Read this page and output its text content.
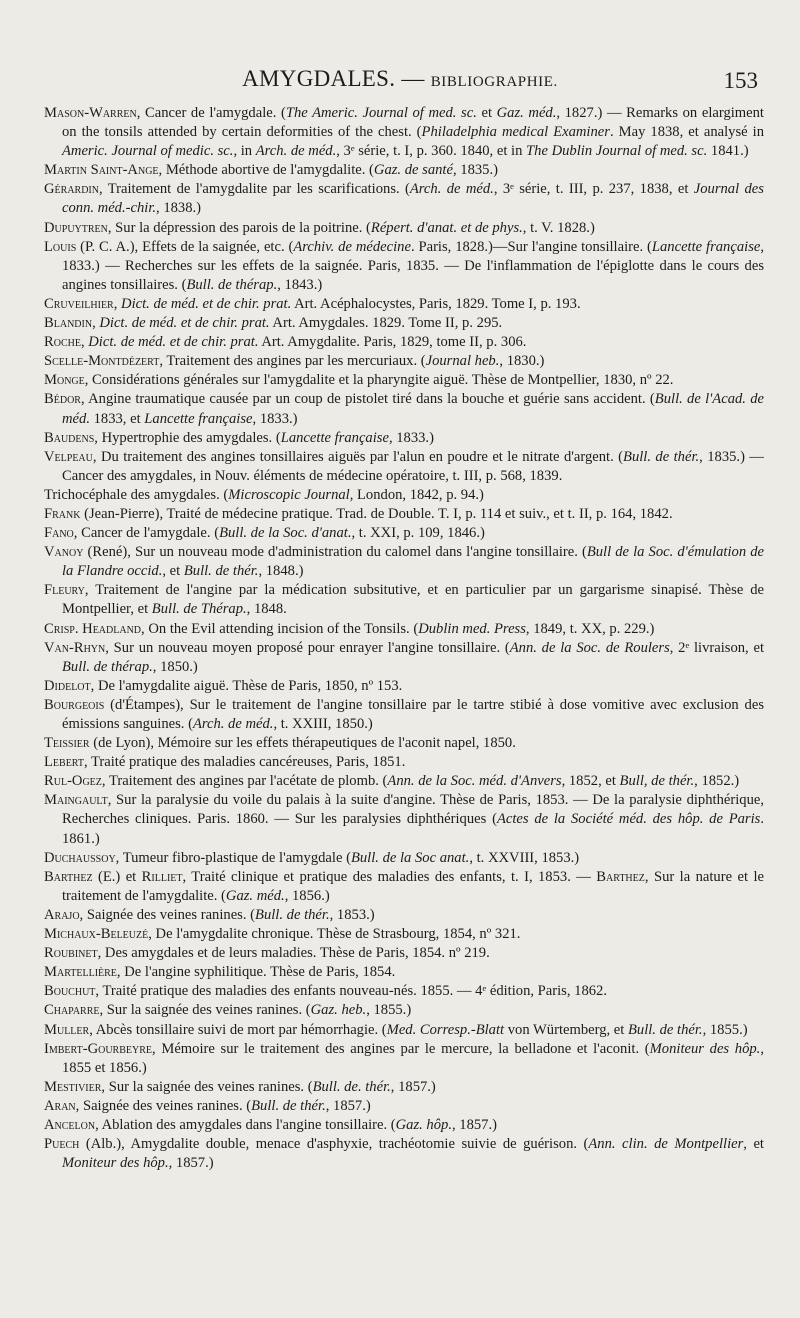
AMYGDALES. — BIBLIOGRAPHIE.	153

Mason-Warren, Cancer de l'amygdale. (The Americ. Journal of med. sc. et Gaz. méd., 1827.) — Remarks on elargiment on the tonsils attended by certain deformities of the chest. (Philadelphia medical Examiner. May 1838, et analysé in Americ. Journal of medic. sc., in Arch. de méd., 3ᵉ série, t. I, p. 360. 1840, et in The Dublin Journal of med. sc. 1841.)

Martin Saint-Ange, Méthode abortive de l'amygdalite. (Gaz. de santé, 1835.)

Gérardin, Traitement de l'amygdalite par les scarifications. (Arch. de méd., 3ᵉ série, t. III, p. 237, 1838, et Journal des conn. méd.-chir., 1838.)

Dupuytren, Sur la dépression des parois de la poitrine. (Répert. d'anat. et de phys., t. V. 1828.)

Louis (P. C. A.), Effets de la saignée, etc. (Archiv. de médecine. Paris, 1828.)—Sur l'angine tonsillaire. (Lancette française, 1833.) — Recherches sur les effets de la saignée. Paris, 1835. — De l'inflammation de l'épiglotte dans le cours des angines tonsillaires. (Bull. de thérap., 1843.)

Cruveilhier, Dict. de méd. et de chir. prat. Art. Acéphalocystes, Paris, 1829. Tome I, p. 193.

Blandin, Dict. de méd. et de chir. prat. Art. Amygdales. 1829. Tome II, p. 295.

Roche, Dict. de méd. et de chir. prat. Art. Amygdalite. Paris, 1829, tome II, p. 306.

Scelle-Montdézert, Traitement des angines par les mercuriaux. (Journal heb., 1830.)

Monge, Considérations générales sur l'amygdalite et la pharyngite aiguë. Thèse de Montpellier, 1830, nº 22.

Bédor, Angine traumatique causée par un coup de pistolet tiré dans la bouche et guérie sans accident. (Bull. de l'Acad. de méd. 1833, et Lancette française, 1833.)

Baudens, Hypertrophie des amygdales. (Lancette française, 1833.)

Velpeau, Du traitement des angines tonsillaires aiguës par l'alun en poudre et le nitrate d'argent. (Bull. de thér., 1835.) — Cancer des amygdales, in Nouv. éléments de médecine opératoire, t. III, p. 568, 1839.

Trichocéphale des amygdales. (Microscopic Journal, London, 1842, p. 94.)

Frank (Jean-Pierre), Traité de médecine pratique. Trad. de Double. T. I, p. 114 et suiv., et t. II, p. 164, 1842.

Fano, Cancer de l'amygdale. (Bull. de la Soc. d'anat., t. XXI, p. 109, 1846.)

Vanoy (René), Sur un nouveau mode d'administration du calomel dans l'angine tonsillaire. (Bull de la Soc. d'émulation de la Flandre occid., et Bull. de thér., 1848.)

Fleury, Traitement de l'angine par la médication subsitutive, et en particulier par un gargarisme sinapisé. Thèse de Montpellier, et Bull. de Thérap., 1848.

Crisp. Headland, On the Evil attending incision of the Tonsils. (Dublin med. Press, 1849, t. XX, p. 229.)

Van-Rhyn, Sur un nouveau moyen proposé pour enrayer l'angine tonsillaire. (Ann. de la Soc. de Roulers, 2ᵉ livraison, et Bull. de thérap., 1850.)

Didelot, De l'amygdalite aiguë. Thèse de Paris, 1850, nº 153.

Bourgeois (d'Étampes), Sur le traitement de l'angine tonsillaire par le tartre stibié à dose vomitive avec exclusion des émissions sanguines. (Arch. de méd., t. XXIII, 1850.)

Teissier (de Lyon), Mémoire sur les effets thérapeutiques de l'aconit napel, 1850.

Lebert, Traité pratique des maladies cancéreuses, Paris, 1851.

Rul-Ogez, Traitement des angines par l'acétate de plomb. (Ann. de la Soc. méd. d'Anvers, 1852, et Bull, de thér., 1852.)

Maingault, Sur la paralysie du voile du palais à la suite d'angine. Thèse de Paris, 1853. — De la paralysie diphthérique, Recherches cliniques. Paris. 1860. — Sur les paralysies diphthériques (Actes de la Société méd. des hôp. de Paris. 1861.)

Duchaussoy, Tumeur fibro-plastique de l'amygdale (Bull. de la Soc anat., t. XXVIII, 1853.)

Barthez (E.) et Rilliet, Traité clinique et pratique des maladies des enfants, t. I, 1853. — Barthez, Sur la nature et le traitement de l'amygdalite. (Gaz. méd., 1856.)

Arajo, Saignée des veines ranines. (Bull. de thér., 1853.)

Michaux-Beleuzé, De l'amygdalite chronique. Thèse de Strasbourg, 1854, nº 321.

Roubinet, Des amygdales et de leurs maladies. Thèse de Paris, 1854. nº 219.

Martellière, De l'angine syphilitique. Thèse de Paris, 1854.

Bouchut, Traité pratique des maladies des enfants nouveau-nés. 1855. — 4ᵉ édition, Paris, 1862.

Chaparre, Sur la saignée des veines ranines. (Gaz. heb., 1855.)

Muller, Abcès tonsillaire suivi de mort par hémorrhagie. (Med. Corresp.-Blatt von Würtemberg, et Bull. de thér., 1855.)

Imbert-Gourbeyre, Mémoire sur le traitement des angines par le mercure, la belladone et l'aconit. (Moniteur des hôp., 1855 et 1856.)

Mestivier, Sur la saignée des veines ranines. (Bull. de. thér., 1857.)

Aran, Saignée des veines ranines. (Bull. de thér., 1857.)

Ancelon, Ablation des amygdales dans l'angine tonsillaire. (Gaz. hôp., 1857.)

Puech (Alb.), Amygdalite double, menace d'asphyxie, trachéotomie suivie de guérison. (Ann. clin. de Montpellier, et Moniteur des hôp., 1857.)
